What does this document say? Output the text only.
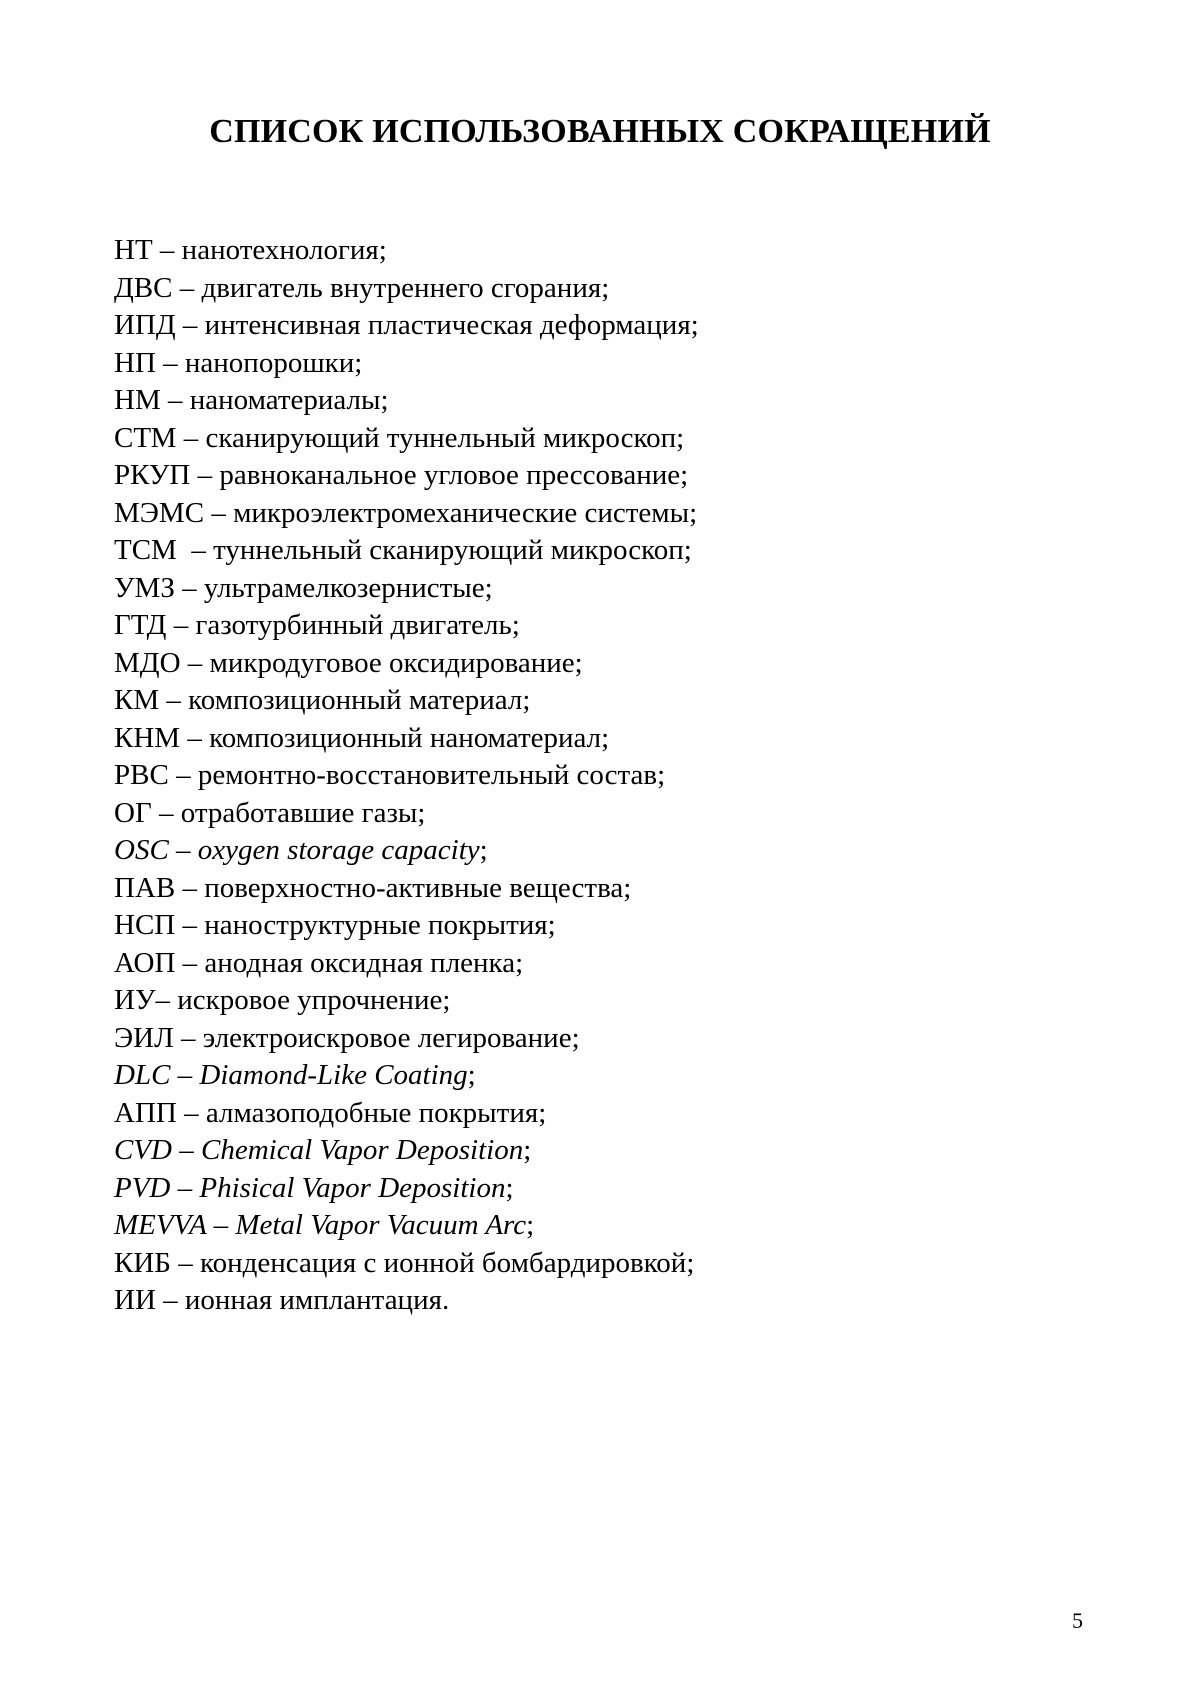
СПИСОК ИСПОЛЬЗОВАННЫХ СОКРАЩЕНИЙ
НТ – нанотехнология;
ДВС – двигатель внутреннего сгорания;
ИПД – интенсивная пластическая деформация;
НП – нанопорошки;
НМ – наноматериалы;
СТМ – сканирующий туннельный микроскоп;
РКУП – равноканальное угловое прессование;
МЭМС – микроэлектромеханические системы;
ТСМ  – туннельный сканирующий микроскоп;
УМЗ – ультрамелкозернистые;
ГТД – газотурбинный двигатель;
МДО – микродуговое оксидирование;
КМ – композиционный материал;
КНМ – композиционный наноматериал;
РВС – ремонтно-восстановительный состав;
ОГ – отработавшие газы;
OSC – oxygen storage capacity;
ПАВ – поверхностно-активные вещества;
НСП – наноструктурные покрытия;
АОП – анодная оксидная пленка;
ИУ– искровое упрочнение;
ЭИЛ – электроискровое легирование;
DLC – Diamond-Like Coating;
АПП – алмазоподобные покрытия;
CVD – Chemical Vapor Deposition;
PVD – Phisical Vapor Deposition;
MEVVA – Metal Vapor Vacuum Arc;
КИБ – конденсация с ионной бомбардировкой;
ИИ – ионная имплантация.
5
